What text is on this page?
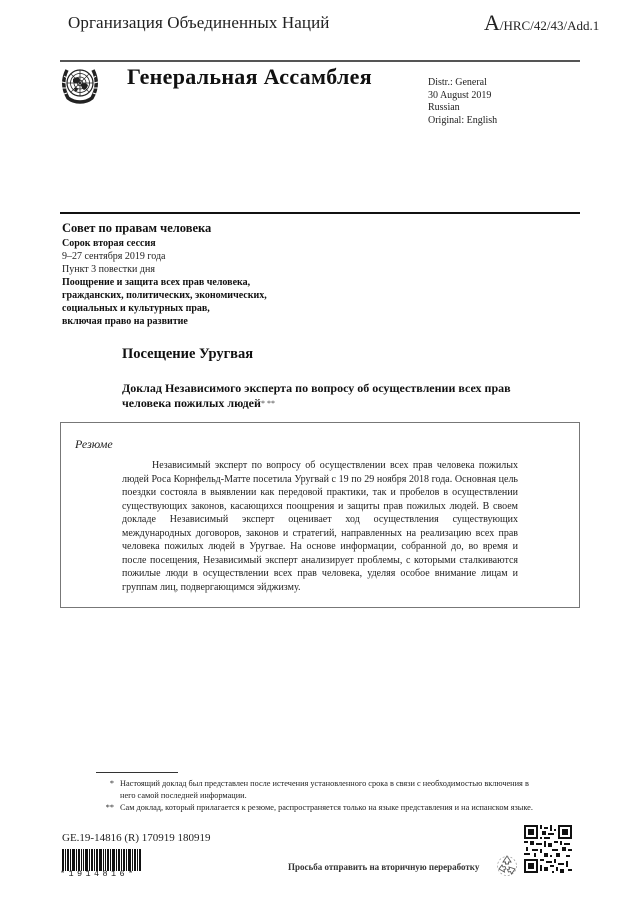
Организация Объединенных Наций	A/HRC/42/43/Add.1
Генеральная Ассамблея	Distr.: General
30 August 2019
Russian
Original: English
Совет по правам человека
Сорок вторая сессия
9–27 сентября 2019 года
Пункт 3 повестки дня
Поощрение и защита всех прав человека,
гражданских, политических, экономических,
социальных и культурных прав,
включая право на развитие
Посещение Уругвая
Доклад Независимого эксперта по вопросу об осуществлении всех прав человека пожилых людей* **
Резюме
Независимый эксперт по вопросу об осуществлении всех прав человека пожилых людей Роса Корнфельд-Матте посетила Уругвай с 19 по 29 ноября 2018 года. Основная цель поездки состояла в выявлении как передовой практики, так и пробелов в осуществлении существующих законов, касающихся поощрения и защиты прав пожилых людей. В своем докладе Независимый эксперт оценивает ход осуществления существующих международных договоров, законов и стратегий, направленных на реализацию всех прав человека пожилых людей в Уругвае. На основе информации, собранной до, во время и после посещения, Независимый эксперт анализирует проблемы, с которыми сталкиваются пожилые люди в осуществлении всех прав человека, уделяя особое внимание лицам и группам лиц, подвергающимся эйджизму.
* Настоящий доклад был представлен после истечения установленного срока в связи с необходимостью включения в него самой последней информации.
** Сам доклад, который прилагается к резюме, распространяется только на языке представления и на испанском языке.
GE.19-14816 (R) 170919 180919
*1914816*
Просьба отправить на вторичную переработку
